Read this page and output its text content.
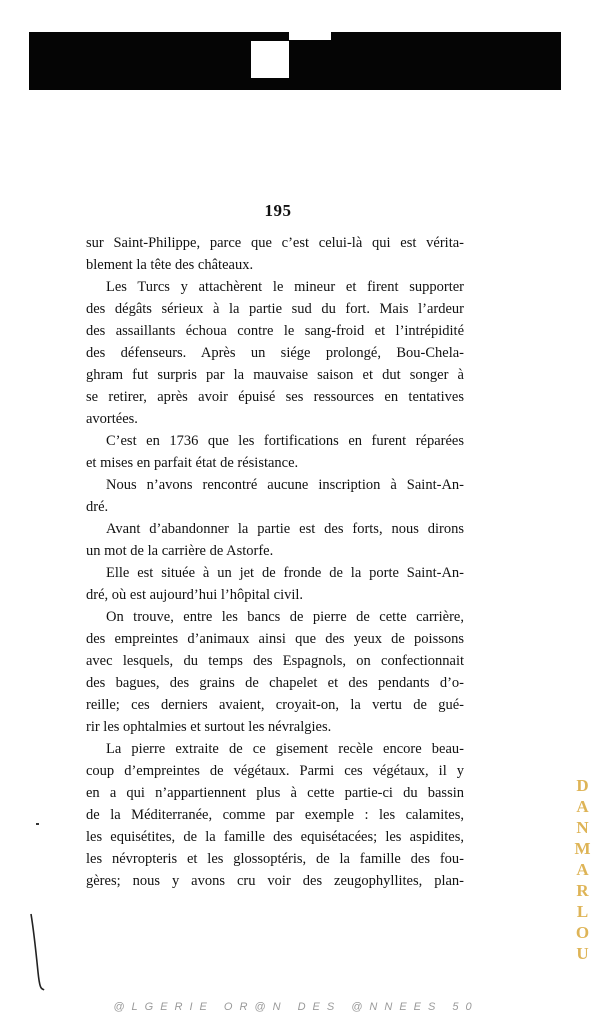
195
sur Saint-Philippe, parce que c’est celui-là qui est vérita-
blement la tête des châteaux.
Les Turcs y attachèrent le mineur et firent supporter
des dégâts sérieux à la partie sud du fort. Mais l’ardeur
des assaillants échoua contre le sang-froid et l’intrépidité
des défenseurs. Après un siége prolongé, Bou-Chela-
ghram fut surpris par la mauvaise saison et dut songer à
se retirer, après avoir épuisé ses ressources en tentatives
avortées.
C’est en 1736 que les fortifications en furent réparées
et mises en parfait état de résistance.
Nous n’avons rencontré aucune inscription à Saint-An-
dré.
Avant d’abandonner la partie est des forts, nous dirons
un mot de la carrière de Astorfe.
Elle est située à un jet de fronde de la porte Saint-An-
dré, où est aujourd’hui l’hôpital civil.
On trouve, entre les bancs de pierre de cette carrière,
des empreintes d’animaux ainsi que des yeux de poissons
avec lesquels, du temps des Espagnols, on confectionnait
des bagues, des grains de chapelet et des pendants d’o-
reille; ces derniers avaient, croyait-on, la vertu de gué-
rir les ophtalmies et surtout les névralgies.
La pierre extraite de ce gisement recèle encore beau-
coup d’empreintes de végétaux. Parmi ces végétaux, il y
en a qui n’appartiennent plus à cette partie-ci du bassin
de la Méditerranée, comme par exemple : les calamites,
les equisétites, de la famille des equisétacées; les aspidites,
les névropteris et les glossoptéris, de la famille des fou-
gères; nous y avons cru voir des zeugophyllites, plan-	DANMARLOU
@LGERIE OR@N DES @NNEES 50
